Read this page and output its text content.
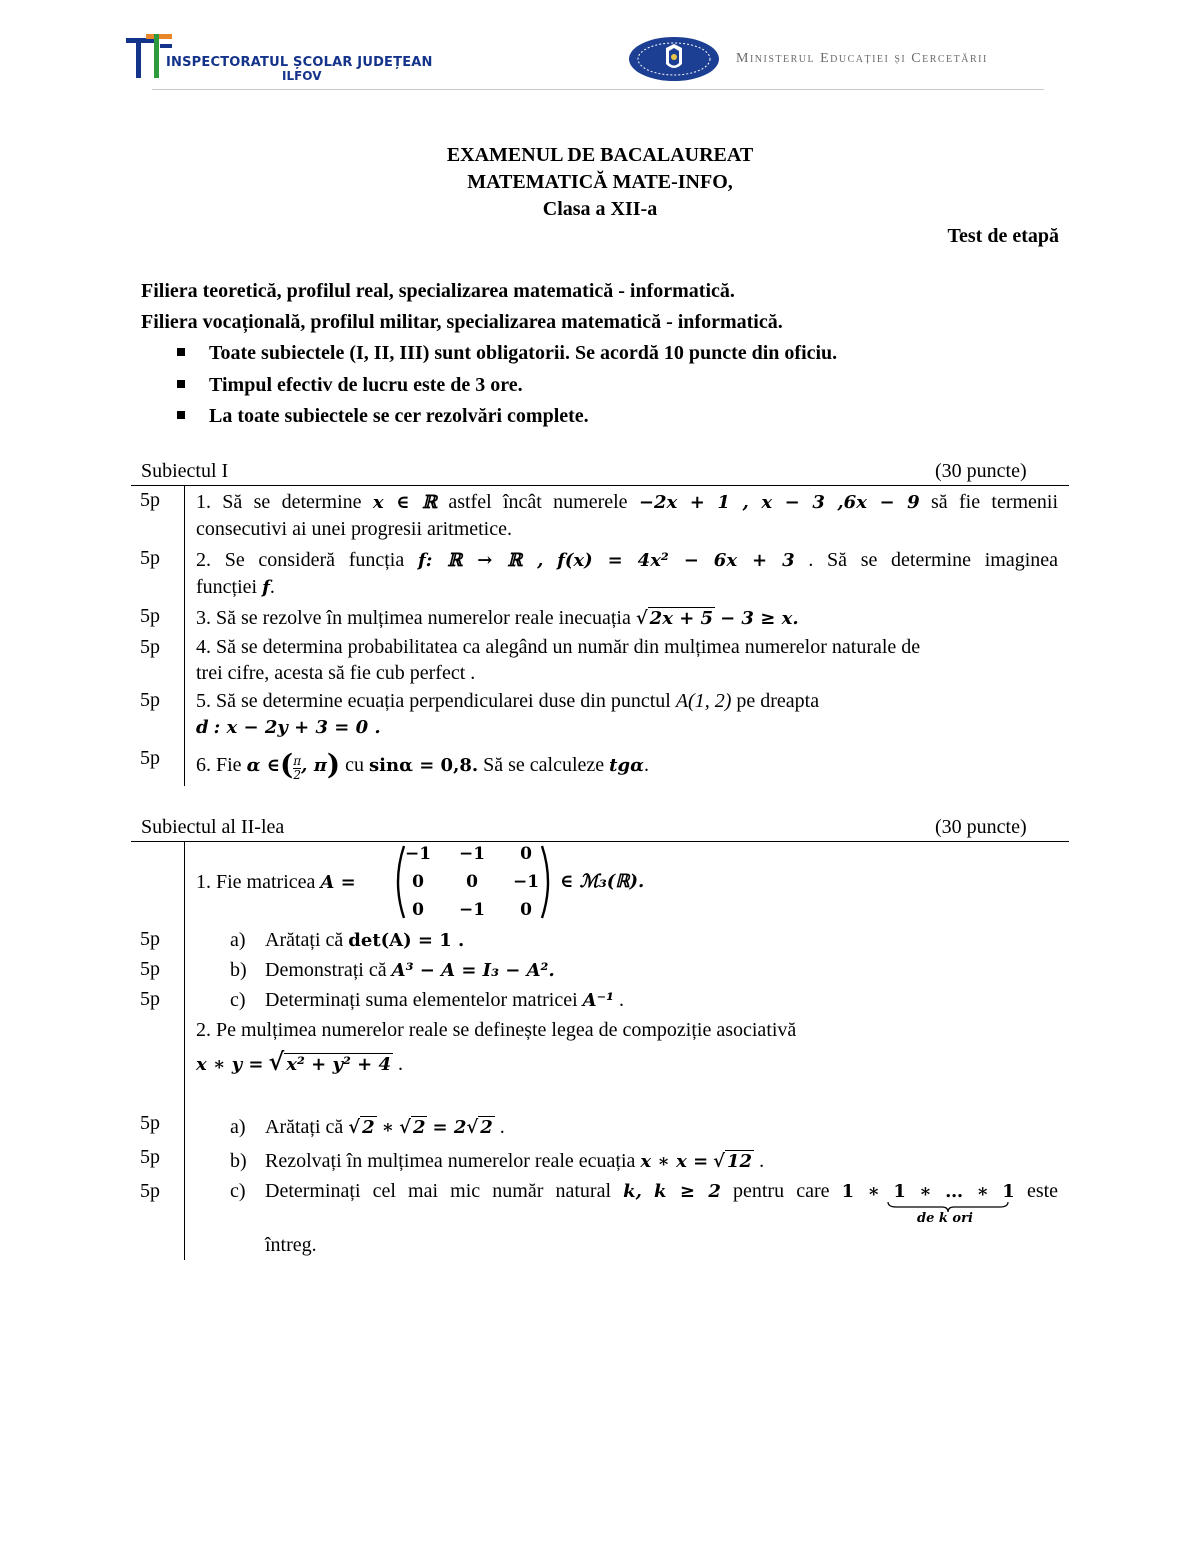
INSPECTORATUL ȘCOLAR JUDEȚEAN
ILFOV
Ministerul Educației și Cercetării
EXAMENUL DE BACALAUREAT
MATEMATICĂ MATE-INFO,
Clasa a XII-a
Test de etapă
Filiera teoretică, profilul real, specializarea matematică - informatică.
Filiera vocațională, profilul militar, specializarea matematică - informatică.
Toate subiectele (I, II, III) sunt obligatorii. Se acordă 10 puncte din oficiu.
Timpul efectiv de lucru este de 3 ore.
La toate subiectele se cer rezolvări complete.
Subiectul I	(30 puncte)
5p 1. Să se determine x ∈ ℝ astfel încât numerele −2x + 1 , x − 3 ,6x − 9 să fie termenii
consecutivi ai unei progresii aritmetice.
5p 2. Se consideră funcția f: ℝ → ℝ , f(x) = 4x² − 6x + 3 . Să se determine imaginea
funcției f.
5p 3. Să se rezolve în mulțimea numerelor reale inecuația √ 2x + 5 − 3 ≥ x.
5p 4. Să se determina probabilitatea ca alegând un număr din mulțimea numerelor naturale de
trei cifre, acesta să fie cub perfect .
5p 5. Să se determine ecuația perpendicularei duse din punctul A(1, 2) pe dreapta
d : x − 2y + 3 = 0 .
5p 6. Fie α ∈( $\frac{\pi}{2}$ , π) cu sinα = 0,8. Să se calculeze tgα.
Subiectul al II-lea	(30 puncte)
1. Fie matricea A =
−1	−1	0
0	0	−1
0	−1	0
∈ ℳ₃(ℝ).
5p	a) Arătați că det(A) = 1 .
5p	b) Demonstrați că A³ − A = I₃ − A².
5p	c) Determinați suma elementelor matricei A⁻¹ .
2. Pe mulțimea numerelor reale se definește legea de compoziție asociativă
x ∗ y = √ x² + y² + 4 .
5p	a) Arătați că √ 2 ∗ √ 2 = 2√ 2 .
5p	b) Rezolvați în mulțimea numerelor reale ecuația x ∗ x = √ 12 .
5p	c) Determinați cel mai mic număr natural k, k ≥ 2 pentru care 1 ∗ 1 ∗ … ∗ 1 este
de k ori
întreg.
